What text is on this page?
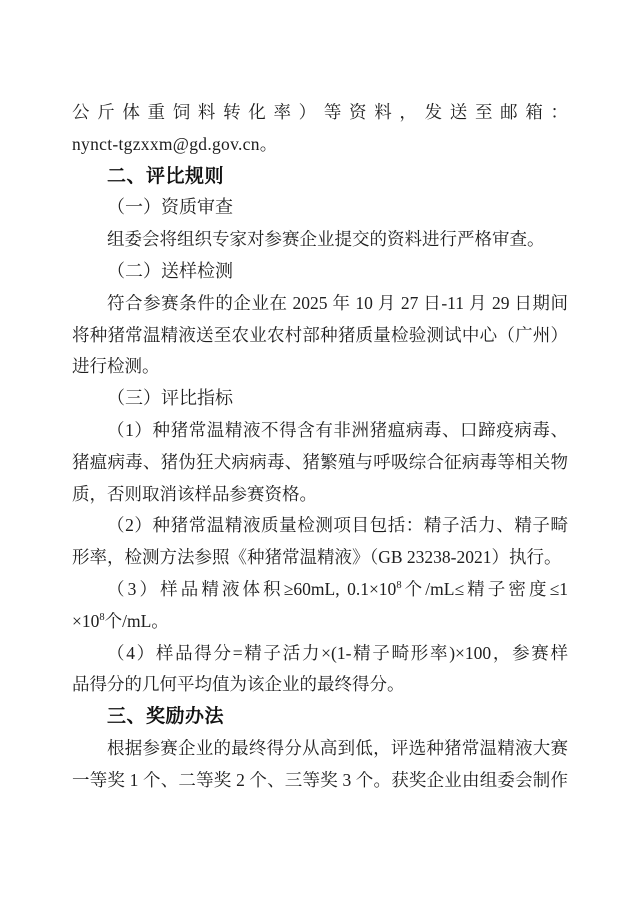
公斤体重饲料转化率）等资料，发送至邮箱：
nynct-tgzxxm@gd.gov.cn。
二、评比规则
（一）资质审查
组委会将组织专家对参赛企业提交的资料进行严格审查。
（二）送样检测
符合参赛条件的企业在 2025 年 10 月 27 日-11 月 29 日期间
将种猪常温精液送至农业农村部种猪质量检验测试中心（广州）
进行检测。
（三）评比指标
（1）种猪常温精液不得含有非洲猪瘟病毒、口蹄疫病毒、
猪瘟病毒、猪伪狂犬病病毒、猪繁殖与呼吸综合征病毒等相关物
质，否则取消该样品参赛资格。
（2）种猪常温精液质量检测项目包括：精子活力、精子畸
形率，检测方法参照《种猪常温精液》（GB 23238-2021）执行。
（3）样品精液体积≥60mL, $0.1\times 10^8$个/mL≤精子密度≤1
$\times 10^8$个/mL。
（4）样品得分=精子活力×(1-精子畸形率)×100，参赛样
品得分的几何平均值为该企业的最终得分。
三、奖励办法
根据参赛企业的最终得分从高到低，评选种猪常温精液大赛
一等奖 1 个、二等奖 2 个、三等奖 3 个。获奖企业由组委会制作
